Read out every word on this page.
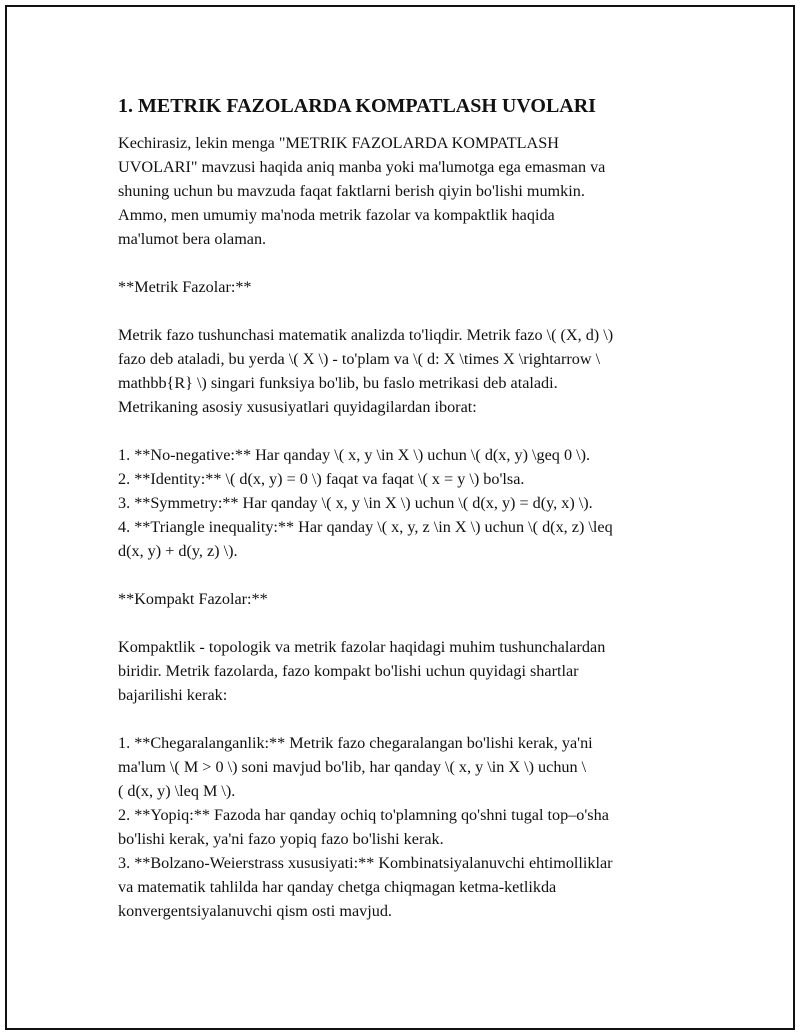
1. METRIK FAZOLARDA KOMPATLASH UVOLARI

Kechirasiz, lekin menga "METRIK FAZOLARDA KOMPATLASH
UVOLARI" mavzusi haqida aniq manba yoki ma'lumotga ega emasman va
shuning uchun bu mavzuda faqat faktlarni berish qiyin bo'lishi mumkin.
Ammo, men umumiy ma'noda metrik fazolar va kompaktlik haqida
ma'lumot bera olaman.

**Metrik Fazolar:**

Metrik fazo tushunchasi matematik analizda to'liqdir. Metrik fazo \( (X, d) \)
fazo deb ataladi, bu yerda \( X \) - to'plam va \( d: X \times X \rightarrow \
mathbb{R} \) singari funksiya bo'lib, bu faslo metrikasi deb ataladi.
Metrikaning asosiy xususiyatlari quyidagilardan iborat:

1. **No-negative:** Har qanday \( x, y \in X \) uchun \( d(x, y) \geq 0 \).
2. **Identity:** \( d(x, y) = 0 \) faqat va faqat \( x = y \) bo'lsa.
3. **Symmetry:** Har qanday \( x, y \in X \) uchun \( d(x, y) = d(y, x) \).
4. **Triangle inequality:** Har qanday \( x, y, z \in X \) uchun \( d(x, z) \leq
d(x, y) + d(y, z) \).

**Kompakt Fazolar:**

Kompaktlik - topologik va metrik fazolar haqidagi muhim tushunchalardan
biridir. Metrik fazolarda, fazo kompakt bo'lishi uchun quyidagi shartlar
bajarilishi kerak:

1. **Chegaralanganlik:** Metrik fazo chegaralangan bo'lishi kerak, ya'ni
ma'lum \( M > 0 \) soni mavjud bo'lib, har qanday \( x, y \in X \) uchun \
( d(x, y) \leq M \).
2. **Yopiq:** Fazoda har qanday ochiq to'plamning qo'shni tugal top–o'sha
bo'lishi kerak, ya'ni fazo yopiq fazo bo'lishi kerak.
3. **Bolzano-Weierstrass xususiyati:** Kombinatsiyalanuvchi ehtimolliklar
va matematik tahlilda har qanday chetga chiqmagan ketma-ketlikda
konvergentsiyalanuvchi qism osti mavjud.
